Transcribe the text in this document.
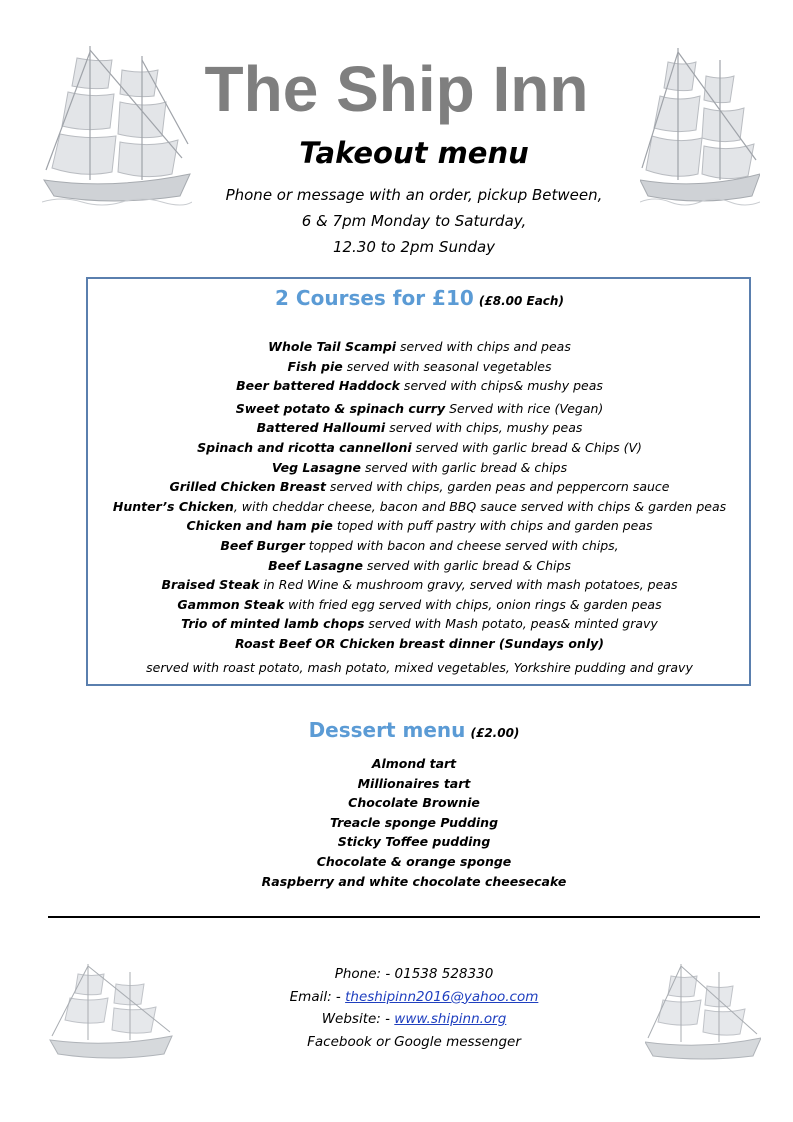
The Ship Inn
Takeout menu
Phone or message with an order, pickup Between,
6 & 7pm Monday to Saturday,
12.30 to 2pm Sunday
2 Courses for £10 (£8.00 Each)
Whole Tail Scampi served with chips and peas
Fish pie served with seasonal vegetables
Beer battered Haddock served with chips& mushy peas
Sweet potato & spinach curry Served with rice (Vegan)
Battered Halloumi served with chips, mushy peas
Spinach and ricotta cannelloni served with garlic bread & Chips (V)
Veg Lasagne served with garlic bread & chips
Grilled Chicken Breast served with chips, garden peas and peppercorn sauce
Hunter’s Chicken, with cheddar cheese, bacon and BBQ sauce served with chips & garden peas
Chicken and ham pie toped with puff pastry with chips and garden peas
Beef Burger topped with bacon and cheese served with chips,
Beef Lasagne served with garlic bread & Chips
Braised Steak in Red Wine & mushroom gravy, served with mash potatoes, peas
Gammon Steak with fried egg served with chips, onion rings & garden peas
Trio of minted lamb chops served with Mash potato, peas& minted gravy
Roast Beef OR Chicken breast dinner (Sundays only)
served with roast potato, mash potato, mixed vegetables, Yorkshire pudding and gravy
Dessert menu (£2.00)
Almond tart
Millionaires tart
Chocolate Brownie
Treacle sponge Pudding
Sticky Toffee pudding
Chocolate & orange sponge
Raspberry and white chocolate cheesecake
Phone: - 01538 528330
Email: - theshipinn2016@yahoo.com
Website: - www.shipinn.org
Facebook or Google messenger
